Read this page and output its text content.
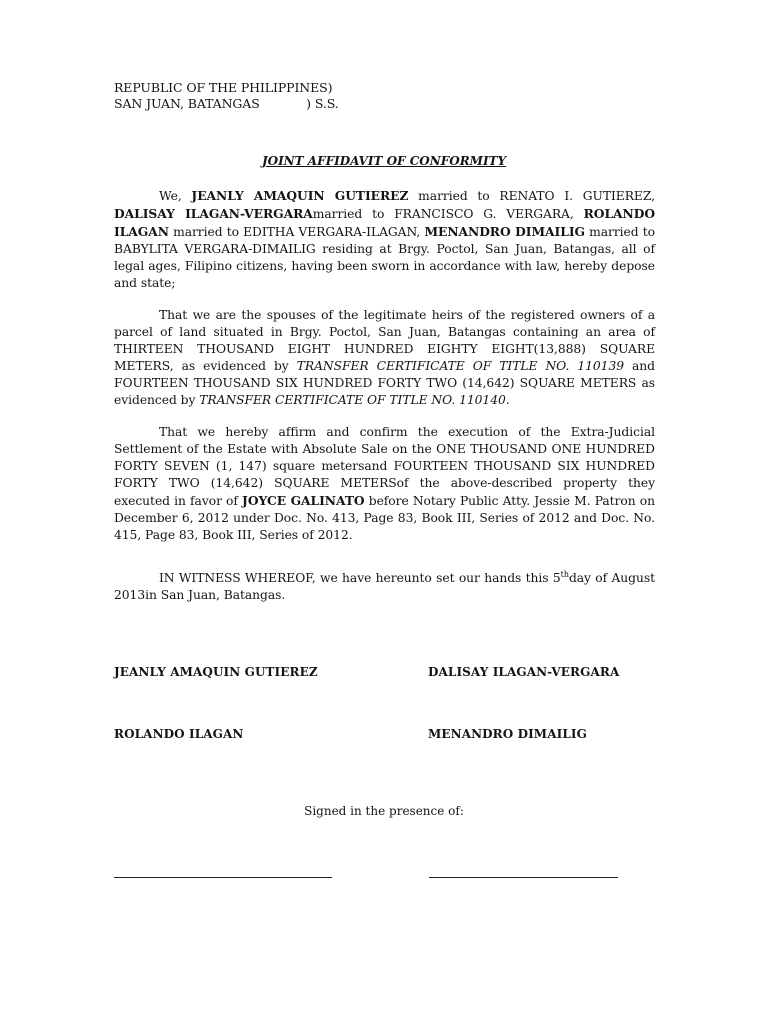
REPUBLIC OF THE PHILIPPINES)
SAN JUAN, BATANGAS            ) S.S.
JOINT AFFIDAVIT OF CONFORMITY

We, JEANLY AMAQUIN GUTIEREZ married to RENATO I. GUTIEREZ, DALISAY ILAGAN-VERGARAmarried to FRANCISCO G. VERGARA, ROLANDO ILAGAN married to EDITHA VERGARA-ILAGAN, MENANDRO DIMAILIG married to BABYLITA VERGARA-DIMAILIG residing at Brgy. Poctol, San Juan, Batangas, all of legal ages, Filipino citizens, having been sworn in accordance with law, hereby depose and state;

That we are the spouses of the legitimate heirs of the registered owners of a parcel of land situated in Brgy. Poctol, San Juan, Batangas containing an area of THIRTEEN THOUSAND EIGHT HUNDRED EIGHTY EIGHT(13,888) SQUARE METERS, as evidenced by TRANSFER CERTIFICATE OF TITLE NO. 110139 and FOURTEEN THOUSAND SIX HUNDRED FORTY TWO (14,642) SQUARE METERS as evidenced by TRANSFER CERTIFICATE OF TITLE NO. 110140.

That we hereby affirm and confirm the execution of the Extra-Judicial Settlement of the Estate with Absolute Sale on the ONE THOUSAND ONE HUNDRED FORTY SEVEN (1, 147) square metersand FOURTEEN THOUSAND SIX HUNDRED FORTY TWO (14,642) SQUARE METERSof the above-described property they executed in favor of JOYCE GALINATO before Notary Public Atty. Jessie M. Patron on December 6, 2012 under Doc. No. 413, Page 83, Book III, Series of 2012 and Doc. No. 415, Page 83, Book III, Series of 2012.

IN WITNESS WHEREOF, we have hereunto set our hands this 5thday of August 2013in San Juan, Batangas.

JEANLY AMAQUIN GUTIEREZ	DALISAY ILAGAN-VERGARA
ROLANDO ILAGAN	MENANDRO DIMAILIG
Signed in the presence of:
